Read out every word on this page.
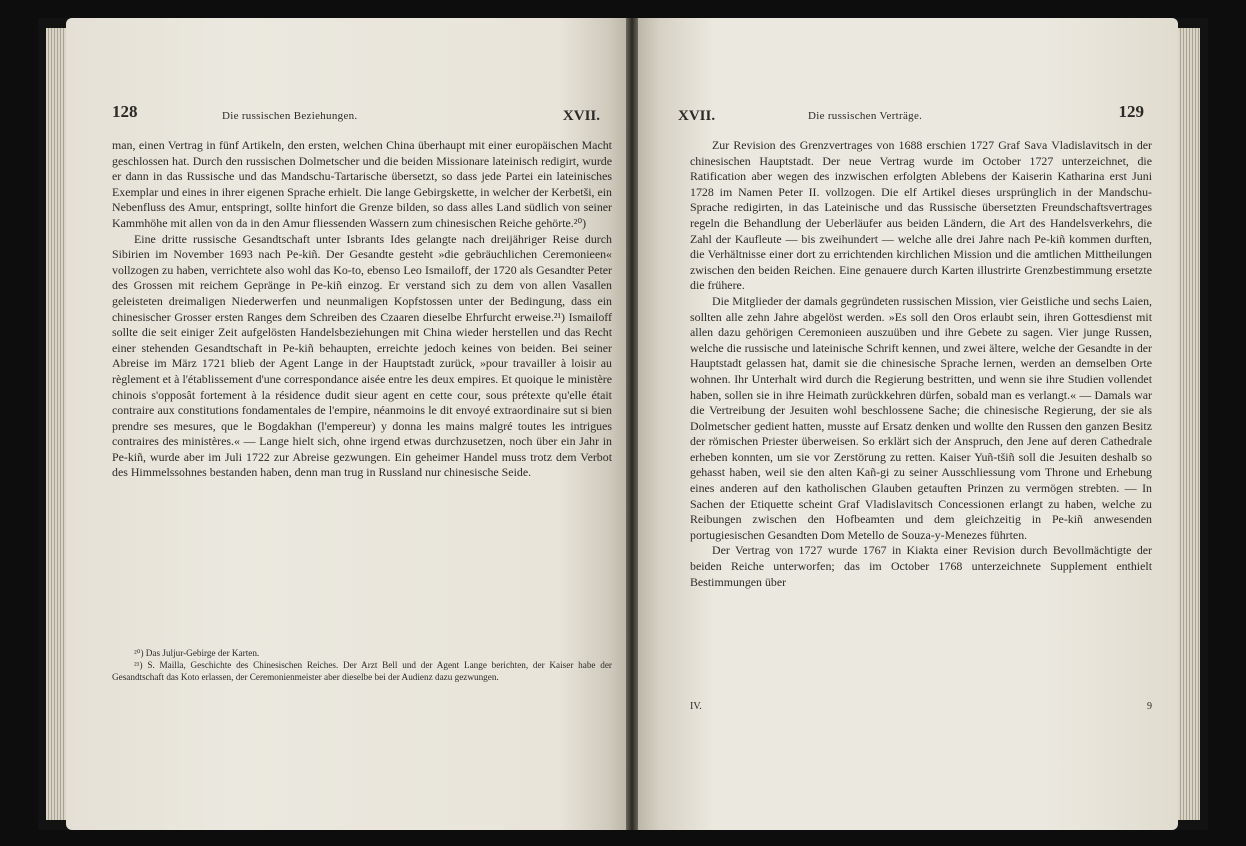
128	Die russischen Beziehungen.	XVII.

man, einen Vertrag in fünf Artikeln, den ersten, welchen China überhaupt mit einer europäischen Macht geschlossen hat. Durch den russischen Dolmetscher und die beiden Missionare lateinisch redigirt, wurde er dann in das Russische und das Mandschu-Tartarische übersetzt, so dass jede Partei ein lateinisches Exemplar und eines in ihrer eigenen Sprache erhielt. Die lange Gebirgskette, in welcher der Kerbetši, ein Nebenfluss des Amur, entspringt, sollte hinfort die Grenze bilden, so dass alles Land südlich von seiner Kammhöhe mit allen von da in den Amur fliessenden Wassern zum chinesischen Reiche gehörte.²⁰)

Eine dritte russische Gesandtschaft unter Isbrants Ides gelangte nach dreijähriger Reise durch Sibirien im November 1693 nach Pe-kiñ. Der Gesandte gesteht »die gebräuchlichen Ceremonieen« vollzogen zu haben, verrichtete also wohl das Ko-to, ebenso Leo Ismailoff, der 1720 als Gesandter Peter des Grossen mit reichem Gepränge in Pe-kiñ einzog. Er verstand sich zu dem von allen Vasallen geleisteten dreimaligen Niederwerfen und neunmaligen Kopfstossen unter der Bedingung, dass ein chinesischer Grosser ersten Ranges dem Schreiben des Czaaren dieselbe Ehrfurcht erweise.²¹) Ismailoff sollte die seit einiger Zeit aufgelösten Handelsbeziehungen mit China wieder herstellen und das Recht einer stehenden Gesandtschaft in Pe-kiñ behaupten, erreichte jedoch keines von beiden. Bei seiner Abreise im März 1721 blieb der Agent Lange in der Hauptstadt zurück, »pour travailler à loisir au règlement et à l'établissement d'une correspondance aisée entre les deux empires. Et quoique le ministère chinois s'opposât fortement à la résidence dudit sieur agent en cette cour, sous prétexte qu'elle était contraire aux constitutions fondamentales de l'empire, néanmoins le dit envoyé extraordinaire sut si bien prendre ses mesures, que le Bogdakhan (l'empereur) y donna les mains malgré toutes les intrigues contraires des ministères.« — Lange hielt sich, ohne irgend etwas durchzusetzen, noch über ein Jahr in Pe-kiñ, wurde aber im Juli 1722 zur Abreise gezwungen. Ein geheimer Handel muss trotz dem Verbot des Himmelssohnes bestanden haben, denn man trug in Russland nur chinesische Seide.

²⁰) Das Juljur-Gebirge der Karten.

²¹) S. Mailla, Geschichte des Chinesischen Reiches. Der Arzt Bell und der Agent Lange berichten, der Kaiser habe der Gesandtschaft das Koto erlassen, der Ceremonienmeister aber dieselbe bei der Audienz dazu gezwungen.

XVII.	Die russischen Verträge.	129

Zur Revision des Grenzvertrages von 1688 erschien 1727 Graf Sava Vladislavitsch in der chinesischen Hauptstadt. Der neue Vertrag wurde im October 1727 unterzeichnet, die Ratification aber wegen des inzwischen erfolgten Ablebens der Kaiserin Katharina erst Juni 1728 im Namen Peter II. vollzogen. Die elf Artikel dieses ursprünglich in der Mandschu-Sprache redigirten, in das Lateinische und das Russische übersetzten Freundschaftsvertrages regeln die Behandlung der Ueberläufer aus beiden Ländern, die Art des Handelsverkehrs, die Zahl der Kaufleute — bis zweihundert — welche alle drei Jahre nach Pe-kiñ kommen durften, die Verhältnisse einer dort zu errichtenden kirchlichen Mission und die amtlichen Mittheilungen zwischen den beiden Reichen. Eine genauere durch Karten illustrirte Grenzbestimmung ersetzte die frühere.

Die Mitglieder der damals gegründeten russischen Mission, vier Geistliche und sechs Laien, sollten alle zehn Jahre abgelöst werden. »Es soll den Oros erlaubt sein, ihren Gottesdienst mit allen dazu gehörigen Ceremonieen auszuüben und ihre Gebete zu sagen. Vier junge Russen, welche die russische und lateinische Schrift kennen, und zwei ältere, welche der Gesandte in der Hauptstadt gelassen hat, damit sie die chinesische Sprache lernen, werden an demselben Orte wohnen. Ihr Unterhalt wird durch die Regierung bestritten, und wenn sie ihre Studien vollendet haben, sollen sie in ihre Heimath zurückkehren dürfen, sobald man es verlangt.« — Damals war die Vertreibung der Jesuiten wohl beschlossene Sache; die chinesische Regierung, der sie als Dolmetscher gedient hatten, musste auf Ersatz denken und wollte den Russen den ganzen Besitz der römischen Priester überweisen. So erklärt sich der Anspruch, den Jene auf deren Cathedrale erheben konnten, um sie vor Zerstörung zu retten. Kaiser Yuñ-tšiñ soll die Jesuiten deshalb so gehasst haben, weil sie den alten Kañ-gi zu seiner Ausschliessung vom Throne und Erhebung eines anderen auf den katholischen Glauben getauften Prinzen zu vermögen strebten. — In Sachen der Etiquette scheint Graf Vladislavitsch Concessionen erlangt zu haben, welche zu Reibungen zwischen den Hofbeamten und dem gleichzeitig in Pe-kiñ anwesenden portugiesischen Gesandten Dom Metello de Souza-y-Menezes führten.

Der Vertrag von 1727 wurde 1767 in Kiakta einer Revision durch Bevollmächtigte der beiden Reiche unterworfen; das im October 1768 unterzeichnete Supplement enthielt Bestimmungen über

IV.	9
